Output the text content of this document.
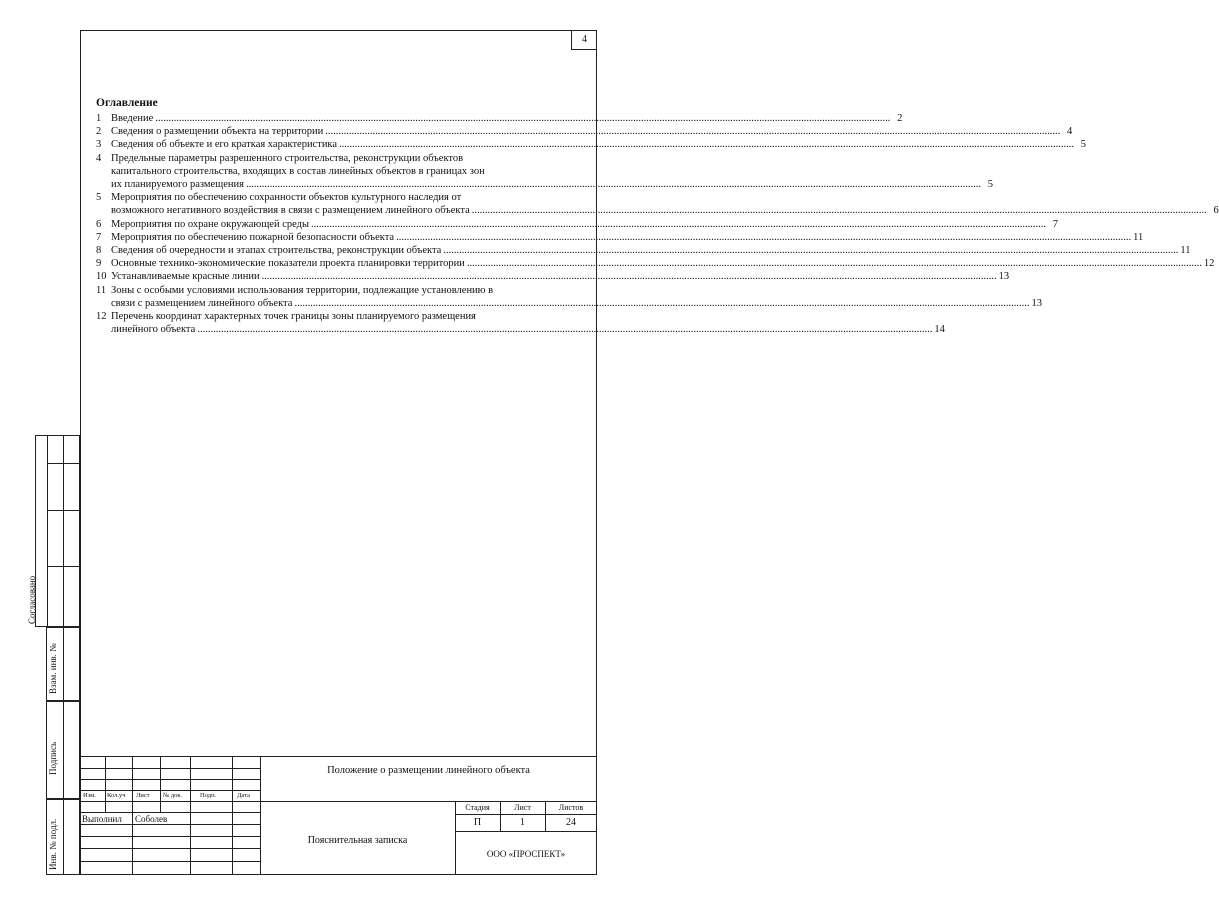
4
Оглавление
1 Введение .....	2
2 Сведения о размещении объекта на территории .....	4
3 Сведения об объекте и его краткая характеристика .....	5
4 Предельные параметры разрешенного строительства, реконструкции объектов
капитального строительства, входящих в состав линейных объектов в границах зон
их планируемого размещения .....	5
5 Мероприятия по обеспечению сохранности объектов культурного наследия от
возможного негативного воздействия в связи с размещением линейного объекта .....	6
6 Мероприятия по охране окружающей среды .....	7
7 Мероприятия по обеспечению пожарной безопасности объекта .....	11
8 Сведения об очередности и этапах строительства, реконструкции объекта .....	11
9 Основные технико-экономические показатели проекта планировки территории .....	12
10 Устанавливаемые красные линии .....	13
11 Зоны с особыми условиями использования территории, подлежащие установлению в
связи с размещением линейного объекта .....	13
12 Перечень координат характерных точек границы зоны планируемого размещения
линейного объекта .....	14
Согласовано
Взам. инв. №
Подпись
Инв. № подл.
Изм. Кол.уч Лист № док.	Подп.	Дата
Выполнил Соболев
Положение о размещении линейного объекта
Пояснительная записка
Стадия	Лист	Листов
П	1	24
ООО «ПРОСПЕКТ»
